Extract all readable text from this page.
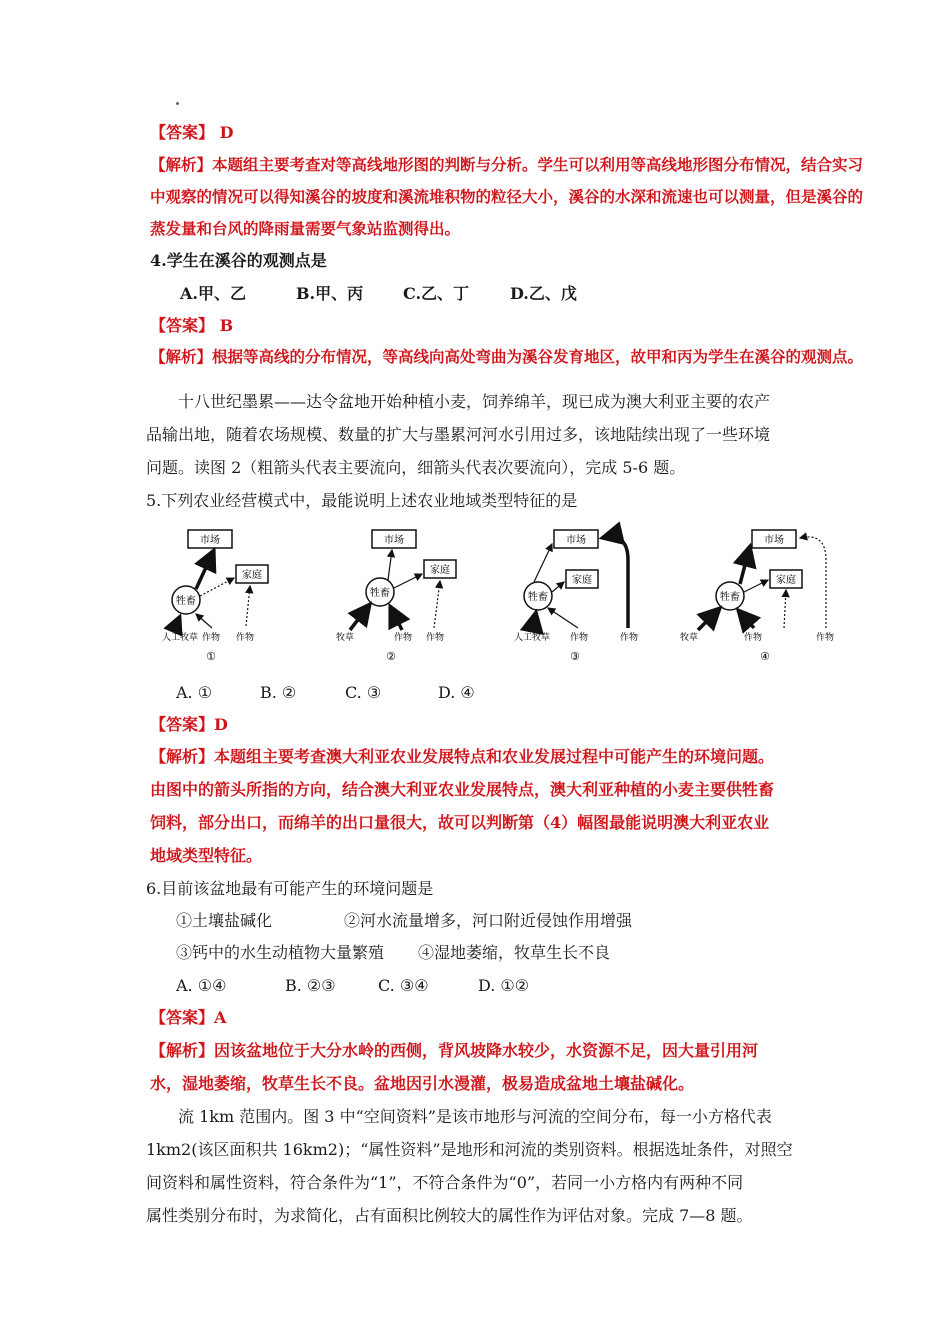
【答案】 D
【解析】本题组主要考查对等高线地形图的判断与分析。学生可以利用等高线地形图分布情况，结合实习
中观察的情况可以得知溪谷的坡度和溪流堆积物的粒径大小，溪谷的水深和流速也可以测量，但是溪谷的
蒸发量和台风的降雨量需要气象站监测得出。
4.学生在溪谷的观测点是
A.甲、乙	B.甲、丙 C.乙、丁	D.乙、戊
【答案】 B
【解析】根据等高线的分布情况，等高线向高处弯曲为溪谷发育地区，故甲和丙为学生在溪谷的观测点。
十八世纪墨累——达令盆地开始种植小麦，饲养绵羊，现已成为澳大利亚主要的农产
品输出地，随着农场规模、数量的扩大与墨累河河水引用过多，该地陆续出现了一些环境
问题。读图 2（粗箭头代表主要流向，细箭头代表次要流向），完成 5-6 题。
5.下列农业经营模式中，最能说明上述农业地域类型特征的是
市场
家庭
牲畜
人工牧草 作物 作物
①
市场
家庭
牲畜
牧草	作物 作物
②
市场
家庭
牲畜
人工牧草 作物	作物
③
市场
家庭
牲畜
牧草	作物	作物
④
A. ①	B. ②	C. ③	D. ④
【答案】D
【解析】本题组主要考查澳大利亚农业发展特点和农业发展过程中可能产生的环境问题。
由图中的箭头所指的方向，结合澳大利亚农业发展特点，澳大利亚种植的小麦主要供牲畜
饲料，部分出口，而绵羊的出口量很大，故可以判断第（4）幅图最能说明澳大利亚农业
地域类型特征。
6.目前该盆地最有可能产生的环境问题是
①土壤盐碱化	②河水流量增多，河口附近侵蚀作用增强
③钙中的水生动植物大量繁殖 ④湿地萎缩，牧草生长不良
A. ①④	B. ②③	C. ③④	D. ①②
【答案】A
【解析】因该盆地位于大分水岭的西侧，背风坡降水较少，水资源不足，因大量引用河
水，湿地萎缩，牧草生长不良。盆地因引水漫灌，极易造成盆地土壤盐碱化。
流 1km 范围内。图 3 中“空间资料”是该市地形与河流的空间分布，每一小方格代表
1km2(该区面积共 16km2)；“属性资料”是地形和河流的类别资料。根据选址条件，对照空
间资料和属性资料，符合条件为“1”，不符合条件为“0”，若同一小方格内有两种不同
属性类别分布时，为求简化，占有面积比例较大的属性作为评估对象。完成 7—8 题。
